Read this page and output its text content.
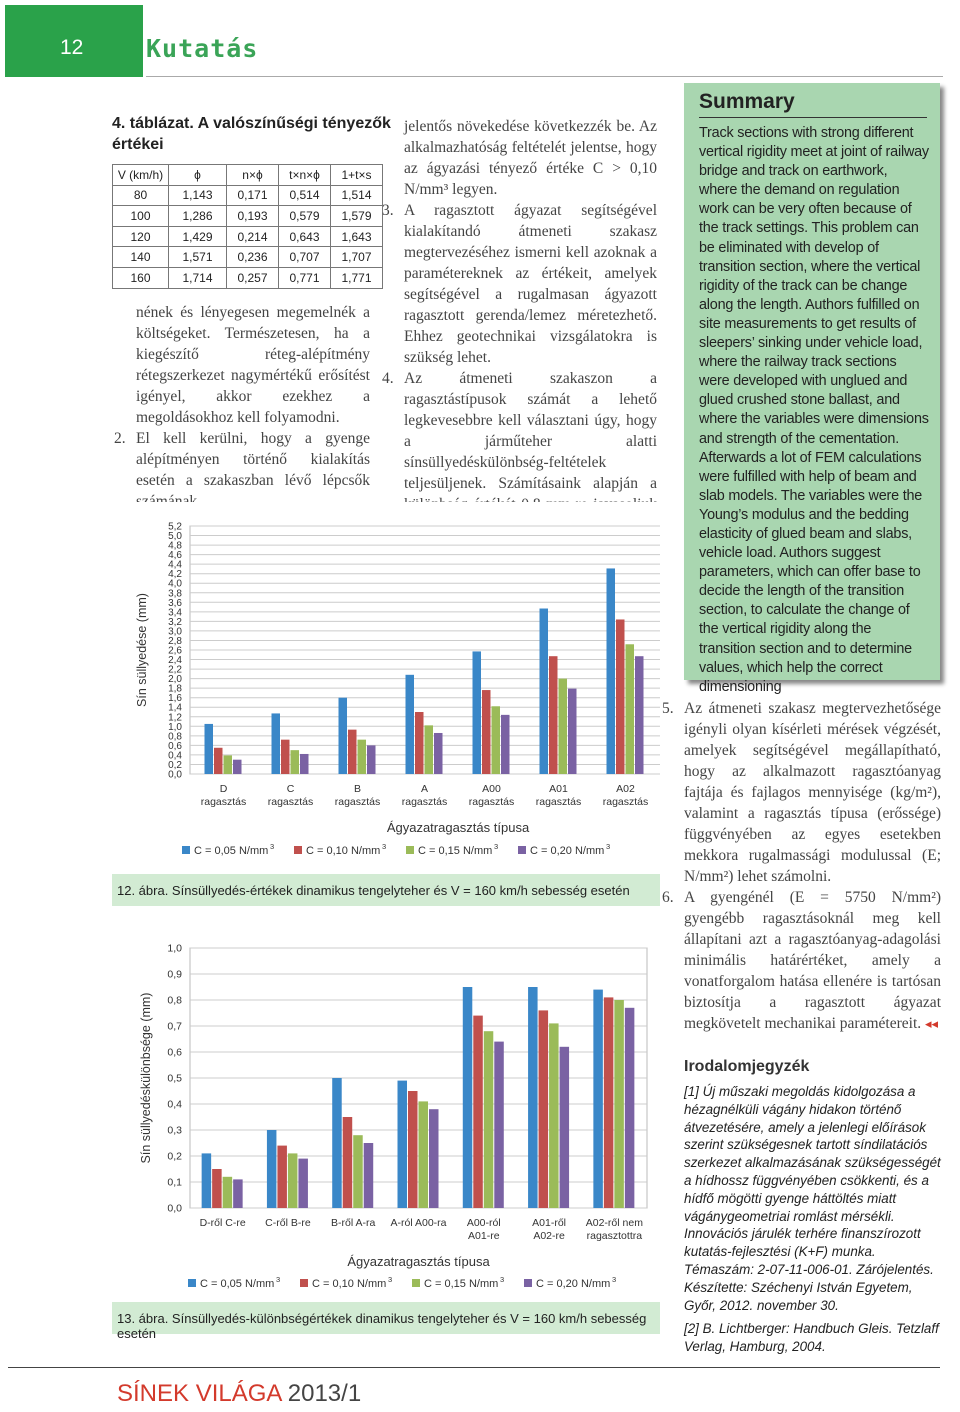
12	Kutatás
4. táblázat. A valószínűségi tényezők értékei
V (km/h)	ϕ	n×ϕ	t×n×ϕ	1+t×s
80	1,143	0,171	0,514	1,514
100	1,286	0,193	0,579	1,579
120	1,429	0,214	0,643	1,643
140	1,571	0,236	0,707	1,707
160	1,714	0,257	0,771	1,771

nének és lényegesen megemelnék a költségeket. Természetesen, ha a kiegészítő réteg-alépítmény rétegszerkezet nagymértékű erősítést igényel, akkor ezekhez a megoldásokhoz kell folyamodni.

2. El kell kerülni, hogy a gyenge alépítményen történő kialakítás esetén a szakaszban lévő lépcsők

jelentős növekedése következzék be. Az alkalmazhatóság feltételét jelentse, hogy az ágyazási tényező értéke C > 0,10 N/mm³ legyen.

3. A ragasztott ágyazat segítségével kialakítandó átmeneti szakasz megtervezéséhez ismerni kell azoknak a paramétereknek az értékeit, amelyek segítségével a rugalmasan ágyazott ragasztott gerenda/lemez méretezhető. Ehhez geotechnikai vizsgálatokra is szükség lehet.

4. Az átmeneti szakaszon a ragasztástípusok számát a lehető legkevesebbre kell választani úgy, hogy a járműteher alatti sínsüllyedéskülönbség-feltételek teljesüljenek. Számításaink alapján a

Summary
Track sections with strong different vertical rigidity meet at joint of railway bridge and track on earthwork, where the demand on regulation work can be very often because of the track settings. This problem can be eliminated with develop of transition section, where the vertical rigidity of the track can be change along the length. Authors fulfilled on site measurements to get results of sleepers’ sinking under vehicle load, where the railway track sections were developed with unglued and glued crushed stone ballast, and where the variables were dimensions and strength of the cementation. Afterwards a lot of FEM calculations were fulfilled with help of beam and slab models. The variables were the Young’s modulus and the bedding elasticity of glued beam and slabs, vehicle load. Authors suggest parameters, which can offer base to decide the length of the transition section, to calculate the change of the vertical rigidity along the transition section and to determine values, which help the correct dimensioning

5. Az átmeneti szakasz megtervezhetősége igényli olyan kísérleti mérések végzését, amelyek segítségével megállapítható, hogy az alkalmazott ragasztóanyag fajtája és fajlagos mennyisége (kg/m²), valamint a ragasztás típusa (erőssége) függvényében az egyes esetekben mekkora rugalmassági modulussal (E; N/mm²) lehet számolni.

6. A gyengénél (E = 5750 N/mm²) gyengébb ragasztásoknál meg kell állapítani azt a ragasztóanyag-adagolási minimális határértéket, amely a vonatforgalom hatása ellenére is tartósan biztosítja a ragasztott ágyazat megkövetelt mechanikai paramétereit. ◂◂

Irodalomjegyzék

[1] Új műszaki megoldás kidolgozása a hézagnélküli vágány hidakon történő átvezetésére, amely a jelenlegi előírások szerint szükségesnek tartott síndilatációs szerkezet alkalmazásának szükségességét a hídhossz függvényében csökkenti, és a hídfő mögötti gyenge háttöltés miatt vágánygeometriai romlást mérsékli. Innovációs járulék terhére finanszírozott kutatás-fejlesztési (K+F) munka. Témaszám: 2-07-11-006-01. Zárójelentés. Készítette: Széchenyi István Egyetem, Győr, 2012. november 30.

[2] B. Lichtberger: Handbuch Gleis. Tetzlaff Verlag, Hamburg, 2004.

0,0
0,2
0,4
0,6
0,8
1,0
1,2
1,4
1,6
1,8
2,0
2,2
2,4
2,6
2,8
3,0
3,2
3,4
3,6
3,8
4,0
4,2
4,4
4,6
4,8
5,0
5,2
D
ragasztás
C
ragasztás
B
ragasztás
A
ragasztás
A00
ragasztás
A01
ragasztás
A02
ragasztás
Sín süllyedése (mm)
Ágyazatragasztás típusa
C = 0,05 N/mm 3	C = 0,10 N/mm 3	C = 0,15 N/mm 3	C = 0,20 N/mm 3
12. ábra. Sínsüllyedés-értékek dinamikus tengelyteher és V = 160 km/h sebesség esetén
0,0
0,1
0,2
0,3
0,4
0,5
0,6
0,7
0,8
0,9
1,0
D-ről C-re C-ről B-re B-ről A-ra A-ról A00-ra A00-ról
A01-re
A01-ről
A02-re
A02-ről nem
ragasztottra
Sín süllyedéskülönbsége (mm)
Ágyazatragasztás típusa
C = 0,05 N/mm 3	C = 0,10 N/mm 3	C = 0,15 N/mm 3	C = 0,20 N/mm 3
13. ábra. Sínsüllyedés-különbségértékek dinamikus tengelyteher és V = 160 km/h sebesség esetén
SÍNEK VILÁGA 2013/1
